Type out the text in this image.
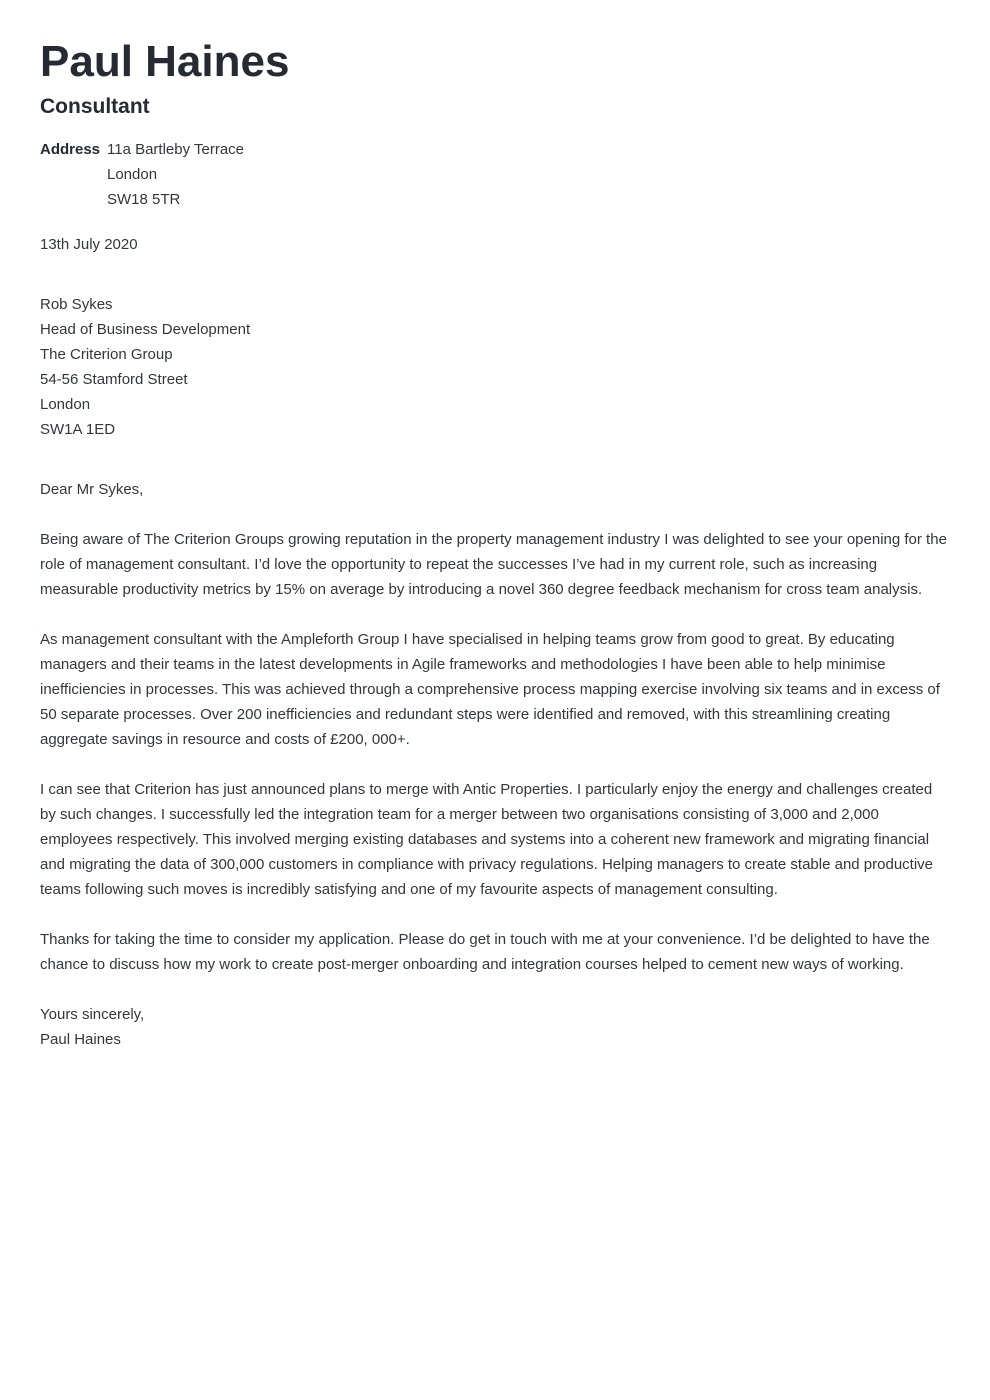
Paul Haines
Consultant
Address 11a Bartleby Terrace
London
SW18 5TR
13th July 2020
Rob Sykes
Head of Business Development
The Criterion Group
54-56 Stamford Street
London
SW1A 1ED
Dear Mr Sykes,

Being aware of The Criterion Groups growing reputation in the property management industry I was delighted to see your opening for the role of management consultant. I’d love the opportunity to repeat the successes I’ve had in my current role, such as increasing measurable productivity metrics by 15% on average by introducing a novel 360 degree feedback mechanism for cross team analysis.

As management consultant with the Ampleforth Group I have specialised in helping teams grow from good to great. By educating managers and their teams in the latest developments in Agile frameworks and methodologies I have been able to help minimise inefficiencies in processes. This was achieved through a comprehensive process mapping exercise involving six teams and in excess of 50 separate processes. Over 200 inefficiencies and redundant steps were identified and removed, with this streamlining creating aggregate savings in resource and costs of £200, 000+.

I can see that Criterion has just announced plans to merge with Antic Properties. I particularly enjoy the energy and challenges created by such changes. I successfully led the integration team for a merger between two organisations consisting of 3,000 and 2,000 employees respectively. This involved merging existing databases and systems into a coherent new framework and migrating financial and migrating the data of 300,000 customers in compliance with privacy regulations. Helping managers to create stable and productive teams following such moves is incredibly satisfying and one of my favourite aspects of management consulting.

Thanks for taking the time to consider my application. Please do get in touch with me at your convenience. I’d be delighted to have the chance to discuss how my work to create post-merger onboarding and integration courses helped to cement new ways of working.

Yours sincerely,
Paul Haines
